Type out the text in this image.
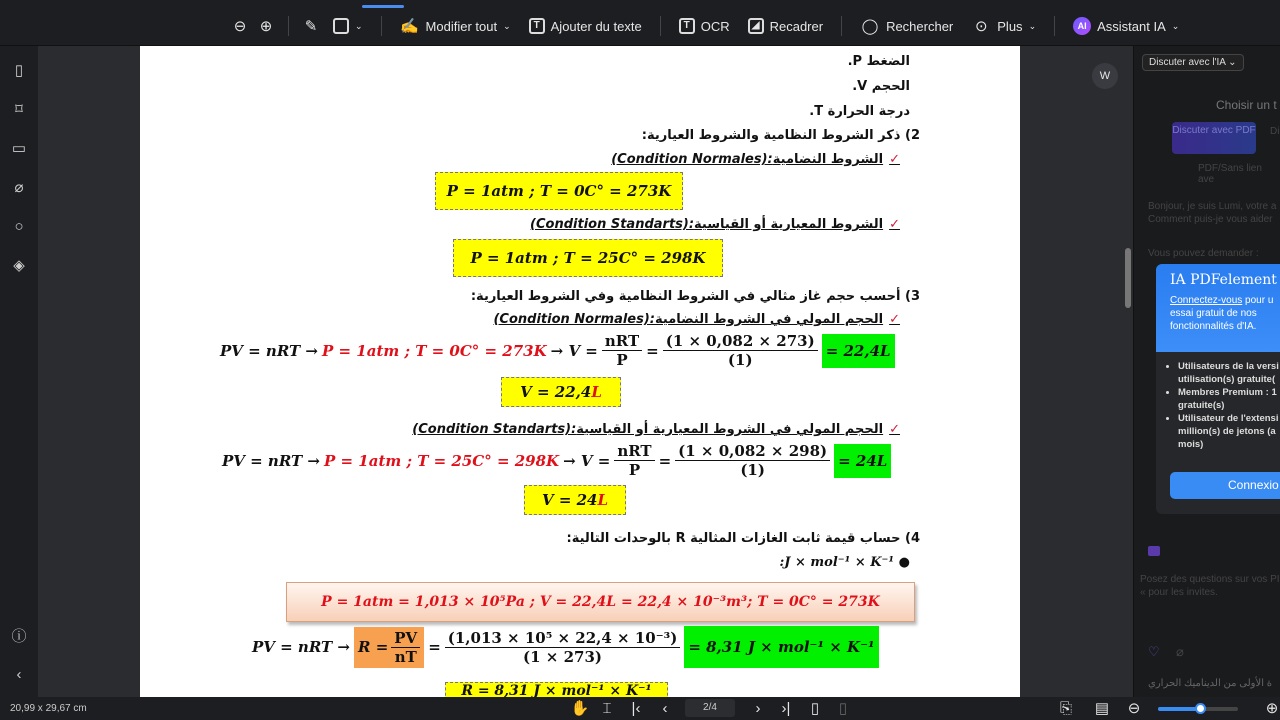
⊖ ⊕ ✎	⌄	✍ Modifier tout ⌄	T Ajouter du texte	T OCR	◢ Recadrer	◯ Rechercher ⊙ Plus ⌄	AI Assistant IA ⌄
▯
⌑
▭
⌀
○
◈
ⓘ
‹
الضغط P.
الحجم V.
درجة الحرارة T.
2) ذكر الشروط النظامية والشروط العيارية:
✓الشروط النضامية(Condition Normales):
P = 1atm ; T = 0C° = 273K
✓الشروط المعيارية أو القياسية(Condition Standarts):
P = 1atm ; T = 25C° = 298K
3) أحسب حجم غاز مثالي في الشروط النظامية وفي الشروط العيارية:
✓الحجم المولي في الشروط النضامية(Condition Normales):
PV = nRT → P = 1atm ; $T = 0C^\circ = 273K \to V = \frac{\text{nRT}}{P} = \frac{(1 \times 0,082 \times 273)}{(1)} = 22,4L$
V = 22,4 L
✓الحجم المولي في الشروط المعيارية أو القياسية(Condition Standarts):
PV = nRT → P = 1atm ; $T = 25C^\circ = 298K \to V = \frac{\text{nRT}}{P} = \frac{(1 \times 0,082 \times 298)}{(1)} = 24L$
V = 24 L
4) حساب قيمة ثابت الغازات المثالية R بالوحدات التالية:
● :J × mol⁻¹ × K⁻¹
P = 1atm = 1,013 × 10⁵Pa ; V = 22,4L = 22,4 × 10⁻³m³; T = 0C° = 273K
PV = nRT → $R = \frac{PV}{nT} = \frac{\text{(1,013 × 10⁵ × 22,4 × 10⁻³)}}{(1 \times 273)} = 8,31$ J × mol⁻¹ × K⁻¹
R = 8,31 J × mol⁻¹ × K⁻¹
W
Discuter avec l'IA ⌄
Choisir un t
Discuter avec PDF Di
PDF/Sans lien ave
Bonjour, je suis Lumi, votre a Comment puis-je vous aider
Vous pouvez demander :
IA PDFelement
Connectez-vous pour u essai gratuit de nos fonctionnalités d'IA.
• Utilisateurs de la versi utilisation(s) gratuite(
• Membres Premium : 1 gratuite(s)
• Utilisateur de l'extensi million(s) de jetons (a mois)
Connexio
Posez des questions sur vos PI « pour les invites.
♡ ⌀
ة الأولى من الديناميك الحراري
20,99 x 29,67 cm	✋ ⌶	|‹	‹	2/4	›	›|	▯	▯	⎘ ▤ ⊖	⊕
